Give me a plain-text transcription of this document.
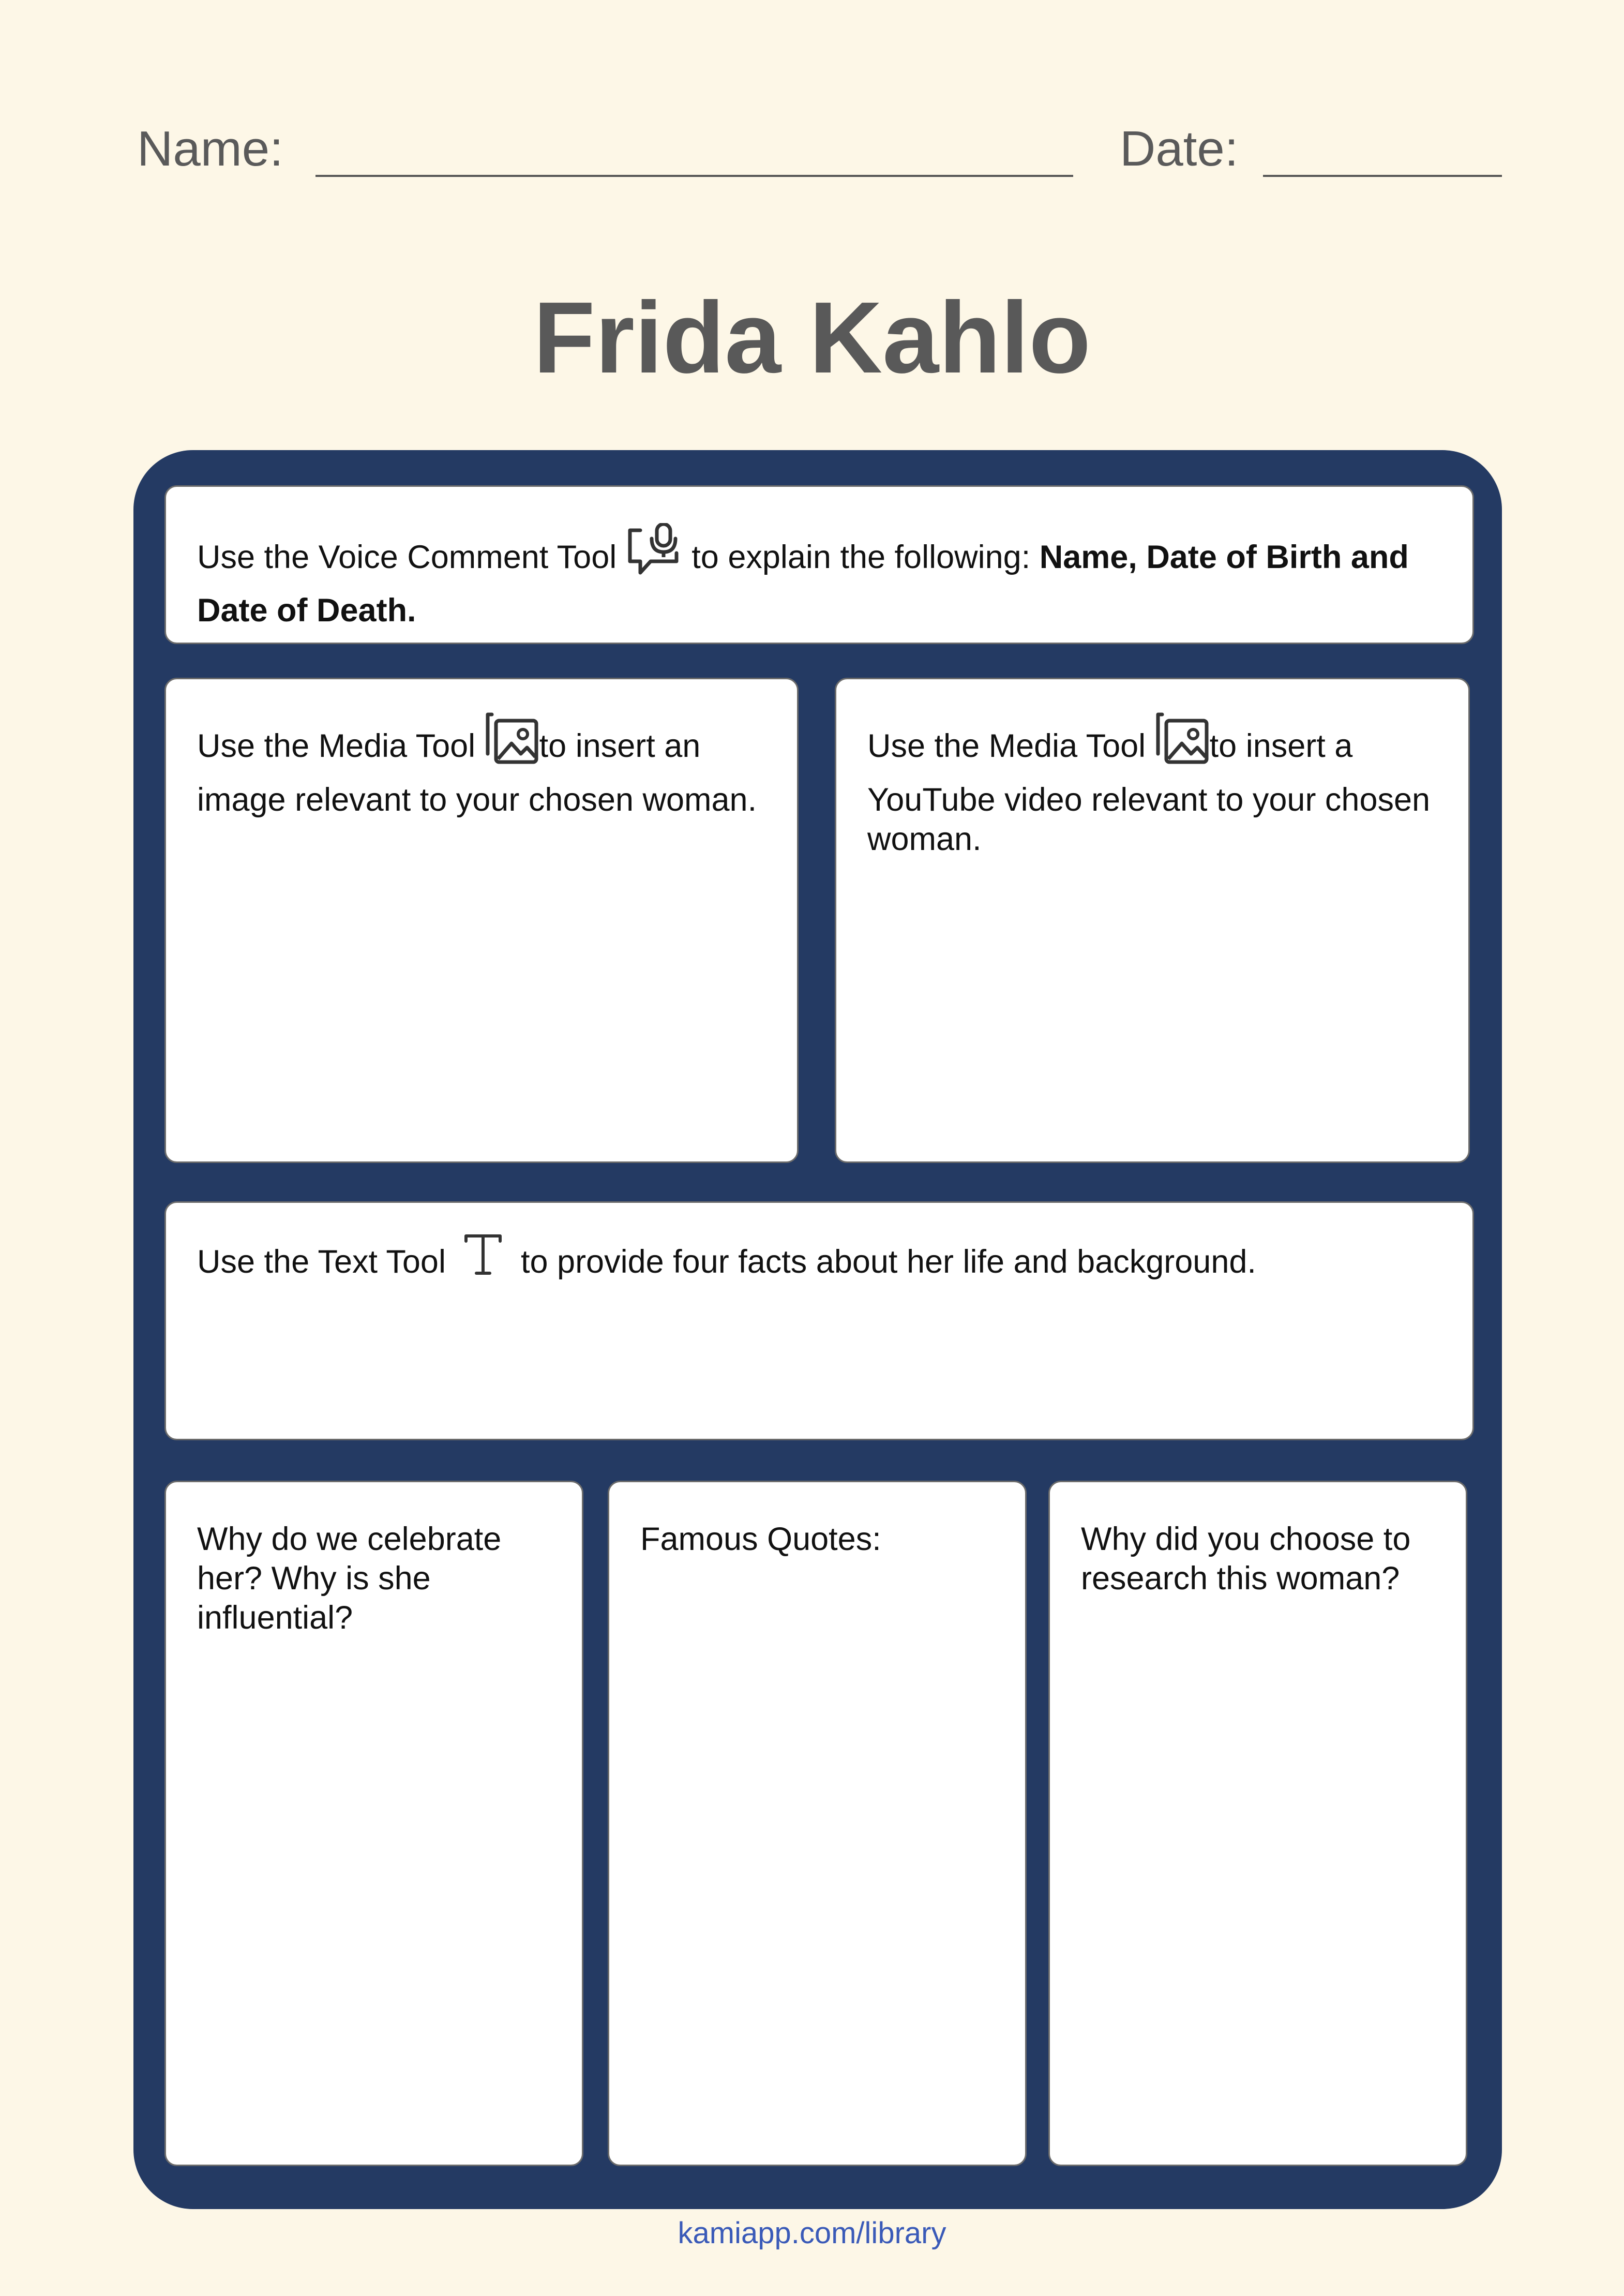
Name:	Date:
Frida Kahlo
Use the Voice Comment Tool to explain the following: Name, Date of Birth and Date of Death.
Use the Media Tool to insert an image relevant to your chosen woman.
Use the Media Tool to insert a YouTube video relevant to your chosen woman.
Use the Text Tool to provide four facts about her life and background.
Why do we celebrate her? Why is she influential?
Famous Quotes:	Why did you choose to research this woman?
kamiapp.com/library
